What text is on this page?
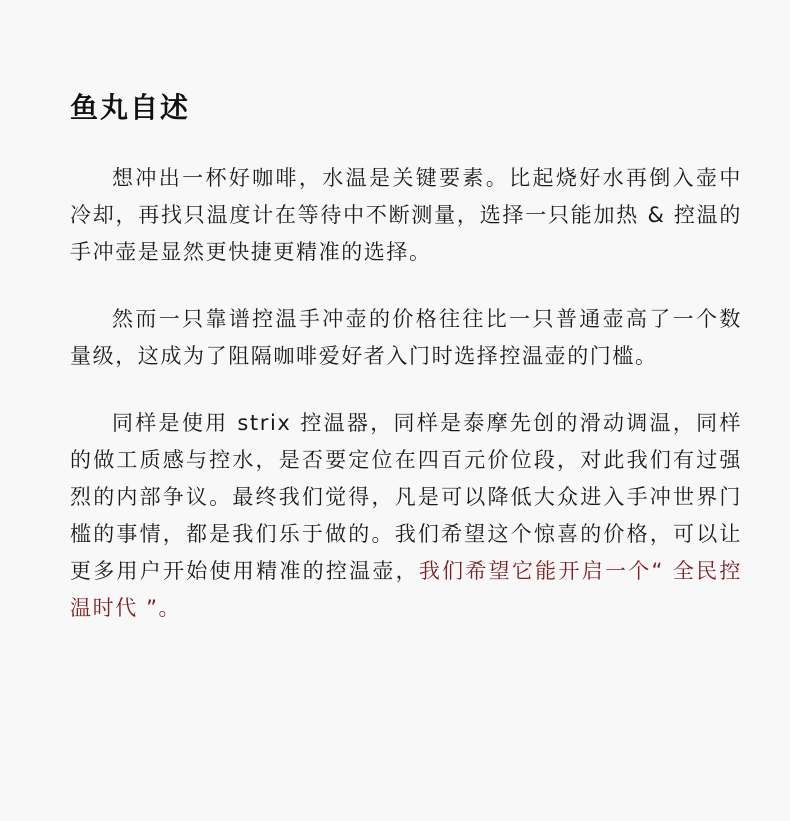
鱼丸自述

想冲出一杯好咖啡，水温是关键要素。比起烧好水再倒入壶中冷却，再找只温度计在等待中不断测量，选择一只能加热 & 控温的手冲壶是显然更快捷更精准的选择。

然而一只靠谱控温手冲壶的价格往往比一只普通壶高了一个数量级，这成为了阻隔咖啡爱好者入门时选择控温壶的门槛。

同样是使用 strix 控温器，同样是泰摩先创的滑动调温，同样的做工质感与控水，是否要定位在四百元价位段，对此我们有过强烈的内部争议。最终我们觉得，凡是可以降低大众进入手冲世界门槛的事情，都是我们乐于做的。我们希望这个惊喜的价格，可以让更多用户开始使用精准的控温壶，我们希望它能开启一个“ 全民控温时代 ”。
